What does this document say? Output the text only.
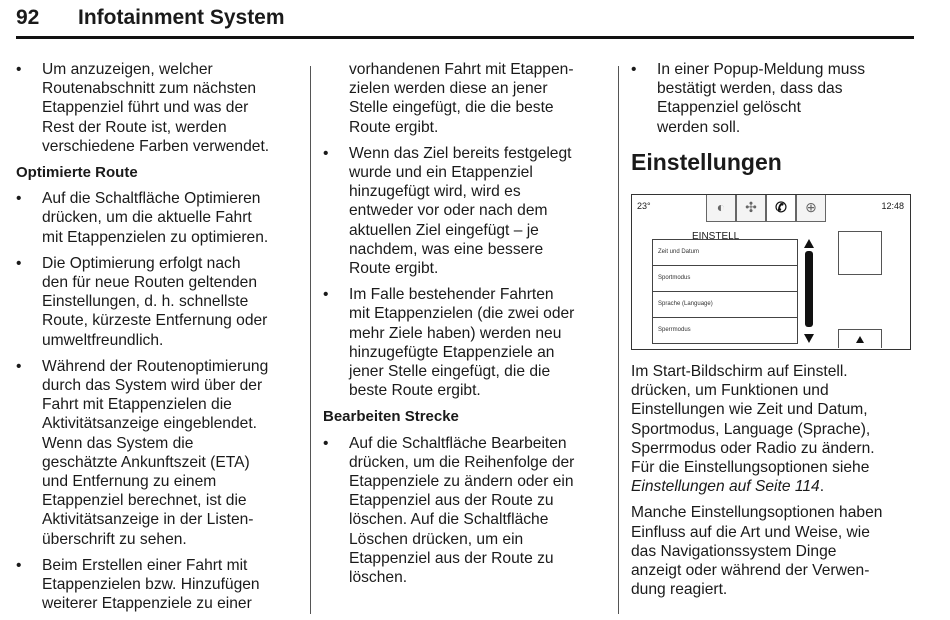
92 Infotainment System
• Um anzuzeigen, welcher
Routenabschnitt zum nächsten
Etappenziel führt und was der
Rest der Route ist, werden
verschiedene Farben verwendet.
Optimierte Route
• Auf die Schaltfläche Optimieren
drücken, um die aktuelle Fahrt
mit Etappenzielen zu optimieren.
• Die Optimierung erfolgt nach
den für neue Routen geltenden
Einstellungen, d. h. schnellste
Route, kürzeste Entfernung oder
umweltfreundlich.
• Während der Routenoptimierung
durch das System wird über der
Fahrt mit Etappenzielen die
Aktivitätsanzeige eingeblendet.
Wenn das System die
geschätzte Ankunftszeit (ETA)
und Entfernung zu einem
Etappenziel berechnet, ist die
Aktivitätsanzeige in der Listen-
überschrift zu sehen.
• Beim Erstellen einer Fahrt mit
Etappenzielen bzw. Hinzufügen
weiterer Etappenziele zu einer
vorhandenen Fahrt mit Etappen-
zielen werden diese an jener
Stelle eingefügt, die die beste
Route ergibt.
• Wenn das Ziel bereits festgelegt
wurde und ein Etappenziel
hinzugefügt wird, wird es
entweder vor oder nach dem
aktuellen Ziel eingefügt – je
nachdem, was eine bessere
Route ergibt.
• Im Falle bestehender Fahrten
mit Etappenzielen (die zwei oder
mehr Ziele haben) werden neu
hinzugefügte Etappenziele an
jener Stelle eingefügt, die die
beste Route ergibt.
Bearbeiten Strecke
• Auf die Schaltfläche Bearbeiten
drücken, um die Reihenfolge der
Etappenziele zu ändern oder ein
Etappenziel aus der Route zu
löschen. Auf die Schaltfläche
Löschen drücken, um ein
Etappenziel aus der Route zu
löschen.
• In einer Popup-Meldung muss
bestätigt werden, dass das
Etappenziel gelöscht
werden soll.
Einstellungen
23°	12:48
◐	✣	✆	⊕
EINSTELL
Zeit und Datum
Sportmodus
Sprache (Language)
Sperrmodus
Im Start-Bildschirm auf Einstell.
drücken, um Funktionen und
Einstellungen wie Zeit und Datum,
Sportmodus, Language (Sprache),
Sperrmodus oder Radio zu ändern.
Für die Einstellungsoptionen siehe
Einstellungen auf Seite 114.
Manche Einstellungsoptionen haben
Einfluss auf die Art und Weise, wie
das Navigationssystem Dinge
anzeigt oder während der Verwen-
dung reagiert.
